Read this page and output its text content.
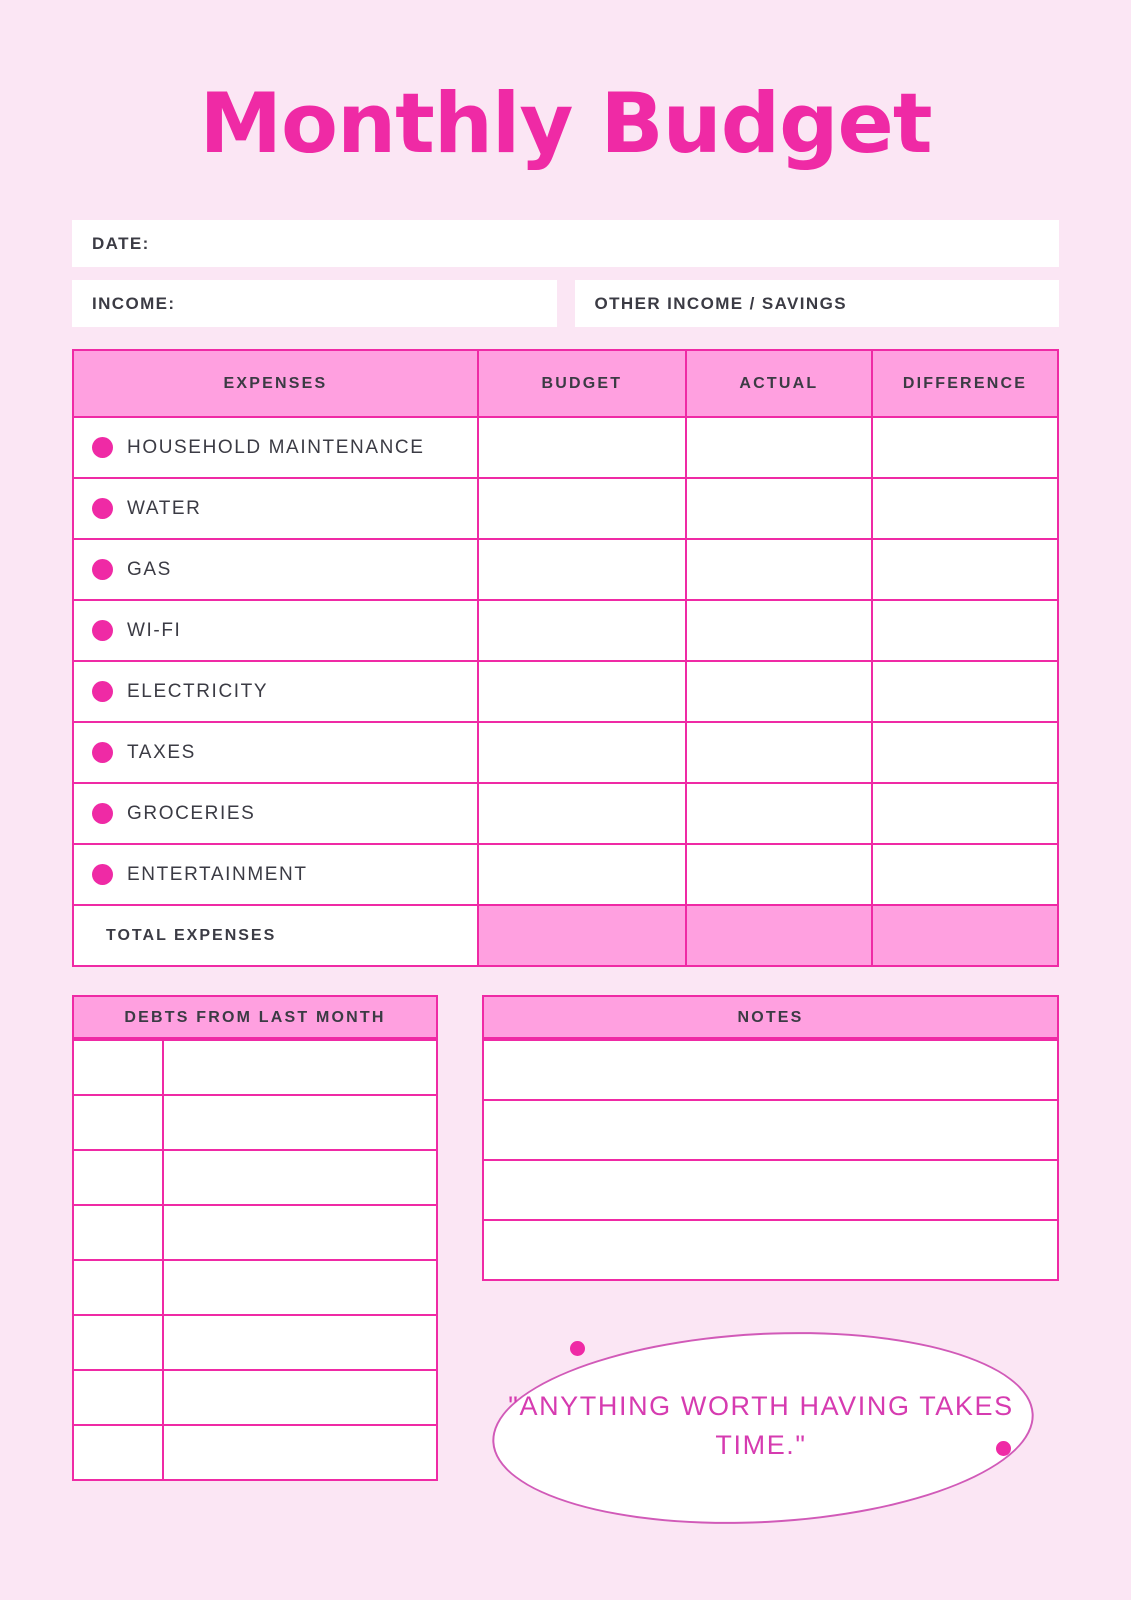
Monthly Budget
DATE:
INCOME:	OTHER INCOME / SAVINGS
EXPENSES	BUDGET	ACTUAL	DIFFERENCE

HOUSEHOLD MAINTENANCE			

WATER			

GAS			

WI-FI			

ELECTRICITY			

TAXES			

GROCERIES			

ENTERTAINMENT			

TOTAL EXPENSES			
DEBTS FROM LAST MONTH

		NOTES

"ANYTHING WORTH HAVING TAKES TIME."
